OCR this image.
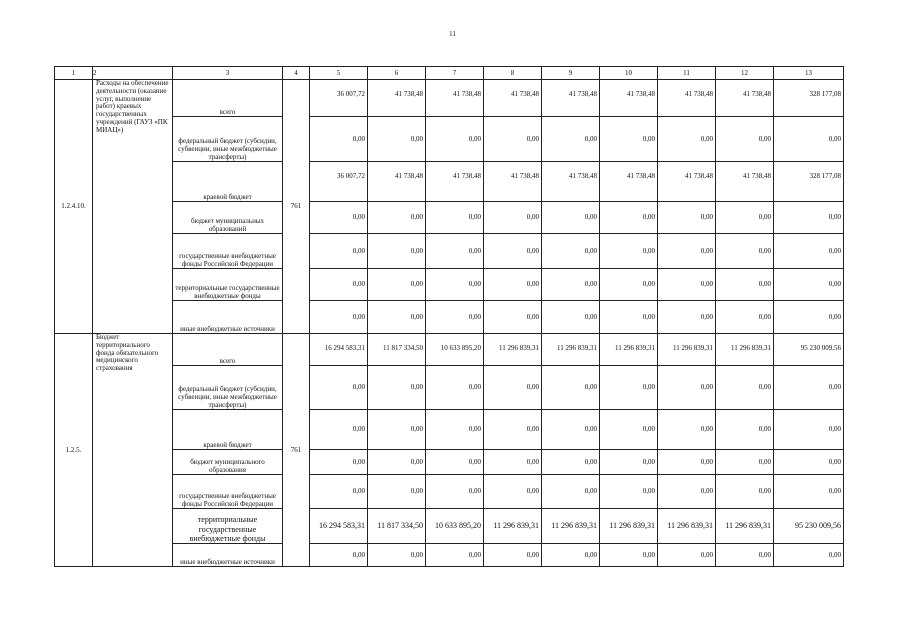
11
1	2	3	4	5	6	7	8	9	10	11	12	13
1.2.4.10.	Расходы на обеспечение деятельности (оказание услуг, выполнение работ) краевых государственных учреждений (ГАУЗ «ПК МИАЦ»)	всего	761	36 007,72	41 738,48	41 738,48	41 738,48	41 738,48	41 738,48	41 738,48	41 738,48	328 177,08
		федеральный бюджет (субсидии, субвенции, иные межбюджетные трансферты)		0,00	0,00	0,00	0,00	0,00	0,00	0,00	0,00	0,00
		краевой бюджет		36 007,72	41 738,48	41 738,48	41 738,48	41 738,48	41 738,48	41 738,48	41 738,48	328 177,08
		бюджет муниципальных образований		0,00	0,00	0,00	0,00	0,00	0,00	0,00	0,00	0,00
		государственные внебюджетные фонды Российской Федерации		0,00	0,00	0,00	0,00	0,00	0,00	0,00	0,00	0,00
		территориальные государственные внебюджетные фонды		0,00	0,00	0,00	0,00	0,00	0,00	0,00	0,00	0,00
		иные внебюджетные источники		0,00	0,00	0,00	0,00	0,00	0,00	0,00	0,00	0,00
1.2.5.	Бюджет территориального фонда обязательного медицинского страхования	всего	761	16 294 583,31	11 817 334,50	10 633 895,20	11 296 839,31	11 296 839,31	11 296 839,31	11 296 839,31	11 296 839,31	95 230 009,56
		федеральный бюджет (субсидии, субвенции, иные межбюджетные трансферты)		0,00	0,00	0,00	0,00	0,00	0,00	0,00	0,00	0,00
		краевой бюджет		0,00	0,00	0,00	0,00	0,00	0,00	0,00	0,00	0,00
		бюджет муниципального образования		0,00	0,00	0,00	0,00	0,00	0,00	0,00	0,00	0,00
		государственные внебюджетные фонды Российской Федерации		0,00	0,00	0,00	0,00	0,00	0,00	0,00	0,00	0,00
		территориальные государственные внебюджетные фонды		16 294 583,31	11 817 334,50	10 633 895,20	11 296 839,31	11 296 839,31	11 296 839,31	11 296 839,31	11 296 839,31	95 230 009,56
		иные внебюджетные источники		0,00	0,00	0,00	0,00	0,00	0,00	0,00	0,00	0,00
